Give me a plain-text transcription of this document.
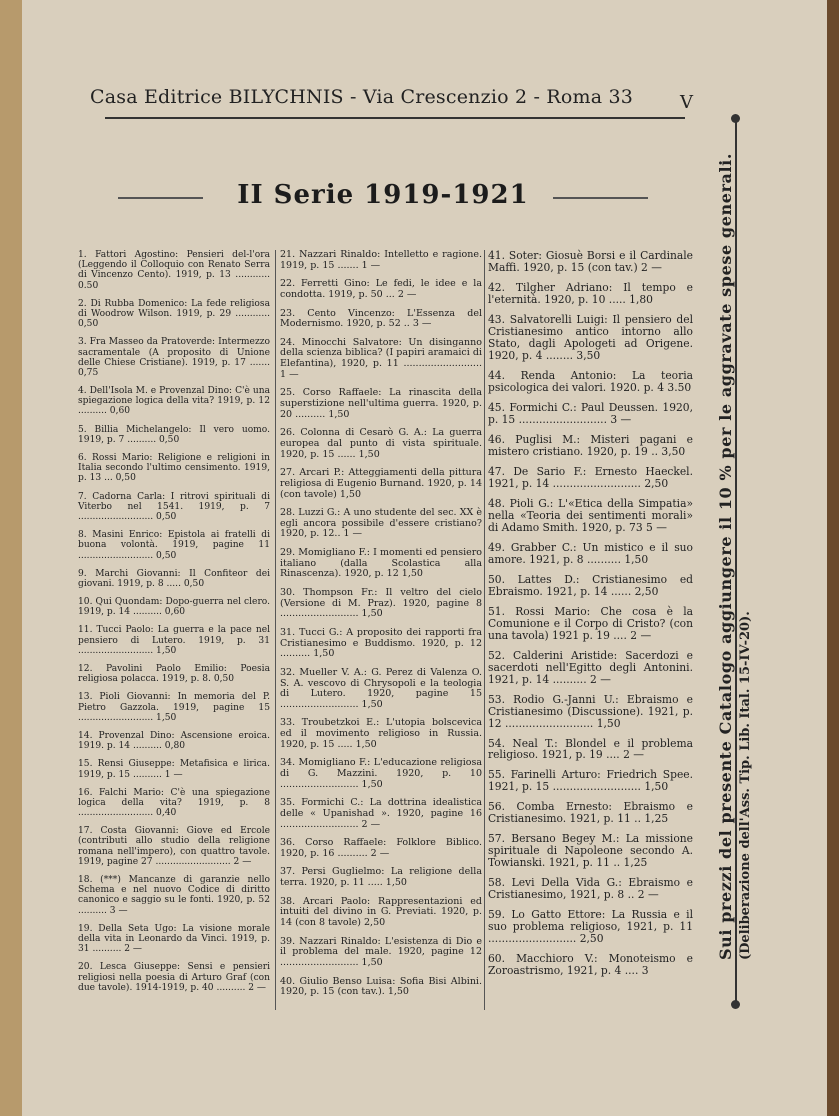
Casa Editrice BILYCHNIS - Via Crescenzio 2 - Roma 33	V
II Serie 1919-1921
1. Fattori Agostino: Pensieri del-l'ora (Leggendo il Colloquio con Renato Serra di Vincenzo Cento). 1919, p. 13 ............ 0.50
2. Di Rubba Domenico: La fede religiosa di Woodrow Wilson. 1919, p. 29 ............ 0,50
3. Fra Masseo da Pratoverde: Intermezzo sacramentale (A proposito di Unione delle Chiese Cristiane). 1919, p. 17 ....... 0,75
4. Dell'Isola M. e Provenzal Dino: C'è una spiegazione logica della vita? 1919, p. 12 .......... 0,60
5. Billia Michelangelo: Il vero uomo. 1919, p. 7 .......... 0,50
6. Rossi Mario: Religione e religioni in Italia secondo l'ultimo censimento. 1919, p. 13 ... 0,50
7. Cadorna Carla: I ritrovi spirituali di Viterbo nel 1541. 1919, p. 7 .......................... 0,50
8. Masini Enrico: Epistola ai fratelli di buona volontà. 1919, pagine 11 .......................... 0,50
9. Marchi Giovanni: Il Confiteor dei giovani. 1919, p. 8 ..... 0,50
10. Qui Quondam: Dopo-guerra nel clero. 1919, p. 14 .......... 0,60
11. Tucci Paolo: La guerra e la pace nel pensiero di Lutero. 1919, p. 31 .......................... 1,50
12. Pavolini Paolo Emilio: Poesia religiosa polacca. 1919, p. 8. 0,50
13. Pioli Giovanni: In memoria del P. Pietro Gazzola. 1919, pagine 15 .......................... 1,50
14. Provenzal Dino: Ascensione eroica. 1919. p. 14 .......... 0,80
15. Rensi Giuseppe: Metafisica e lirica. 1919, p. 15 .......... 1 —
16. Falchi Mario: C'è una spiegazione logica della vita? 1919, p. 8 .......................... 0,40
17. Costa Giovanni: Giove ed Ercole (contributi allo studio della religione romana nell'impero), con quattro tavole. 1919, pagine 27 .......................... 2 —
18. (***) Mancanze di garanzie nello Schema e nel nuovo Codice di diritto canonico e saggio su le fonti. 1920, p. 52 .......... 3 —
19. Della Seta Ugo: La visione morale della vita in Leonardo da Vinci. 1919, p. 31 .......... 2 —
20. Lesca Giuseppe: Sensi e pensieri religiosi nella poesia di Arturo Graf (con due tavole). 1914-1919, p. 40 .......... 2 —
21. Nazzari Rinaldo: Intelletto e ragione. 1919, p. 15 ....... 1 —
22. Ferretti Gino: Le fedi, le idee e la condotta. 1919, p. 50 ... 2 —
23. Cento Vincenzo: L'Essenza del Modernismo. 1920, p. 52 .. 3 —
24. Minocchi Salvatore: Un disinganno della scienza biblica? (I papiri aramaici di Elefantina), 1920, p. 11 .......................... 1 —
25. Corso Raffaele: La rinascita della superstizione nell'ultima guerra. 1920, p. 20 .......... 1,50
26. Colonna di Cesarò G. A.: La guerra europea dal punto di vista spirituale. 1920, p. 15 ...... 1,50
27. Arcari P.: Atteggiamenti della pittura religiosa di Eugenio Burnand. 1920, p. 14 (con tavole) 1,50
28. Luzzi G.: A uno studente del sec. XX è egli ancora possibile d'essere cristiano? 1920, p. 12.. 1 —
29. Momigliano F.: I momenti ed pensiero italiano (dalla Scolastica alla Rinascenza). 1920, p. 12 1,50
30. Thompson Fr.: Il veltro del cielo (Versione di M. Praz). 1920, pagine 8 .......................... 1,50
31. Tucci G.: A proposito dei rapporti fra Cristianesimo e Buddismo. 1920, p. 12 .......... 1,50
32. Mueller V. A.: G. Perez di Valenza O. S. A. vescovo di Chrysopoli e la teologia di Lutero. 1920, pagine 15 .......................... 1,50
33. Troubetzkoi E.: L'utopia bolscevica ed il movimento religioso in Russia. 1920, p. 15 ..... 1,50
34. Momigliano F.: L'educazione religiosa di G. Mazzini. 1920, p. 10 .......................... 1,50
35. Formichi C.: La dottrina idealistica delle « Upanishad ». 1920, pagine 16 .......................... 2 —
36. Corso Raffaele: Folklore Biblico. 1920, p. 16 .......... 2 —
37. Persi Guglielmo: La religione della terra. 1920, p. 11 ..... 1,50
38. Arcari Paolo: Rappresentazioni ed intuiti del divino in G. Previati. 1920, p. 14 (con 8 tavole) 2,50
39. Nazzari Rinaldo: L'esistenza di Dio e il problema del male. 1920, pagine 12 .......................... 1,50
40. Giulio Benso Luisa: Sofia Bisi Albini. 1920, p. 15 (con tav.). 1,50
41. Soter: Giosuè Borsi e il Cardinale Maffi. 1920, p. 15 (con tav.) 2 —
42. Tilgher Adriano: Il tempo e l'eternità. 1920, p. 10 ..... 1,80
43. Salvatorelli Luigi: Il pensiero del Cristianesimo antico intorno allo Stato, dagli Apologeti ad Origene. 1920, p. 4 ........ 3,50
44. Renda Antonio: La teoria psicologica dei valori. 1920. p. 4 3.50
45. Formichi C.: Paul Deussen. 1920, p. 15 .......................... 3 —
46. Puglisi M.: Misteri pagani e mistero cristiano. 1920, p. 19 .. 3,50
47. De Sario F.: Ernesto Haeckel. 1921, p. 14 .......................... 2,50
48. Pioli G.: L'«Etica della Simpatia» nella «Teoria dei sentimenti morali» di Adamo Smith. 1920, p. 73 5 —
49. Grabber C.: Un mistico e il suo amore. 1921, p. 8 .......... 1,50
50. Lattes D.: Cristianesimo ed Ebraismo. 1921, p. 14 ...... 2,50
51. Rossi Mario: Che cosa è la Comunione e il Corpo di Cristo? (con una tavola) 1921 p. 19 .... 2 —
52. Calderini Aristide: Sacerdozi e sacerdoti nell'Egitto degli Antonini. 1921, p. 14 .......... 2 —
53. Rodio G.-Janni U.: Ebraismo e Cristianesimo (Discussione). 1921, p. 12 .......................... 1,50
54. Neal T.: Blondel e il problema religioso. 1921, p. 19 .... 2 —
55. Farinelli Arturo: Friedrich Spee. 1921, p. 15 .......................... 1,50
56. Comba Ernesto: Ebraismo e Cristianesimo. 1921, p. 11 .. 1,25
57. Bersano Begey M.: La missione spirituale di Napoleone secondo A. Towianski. 1921, p. 11 .. 1,25
58. Levi Della Vida G.: Ebraismo e Cristianesimo, 1921, p. 8 .. 2 —
59. Lo Gatto Ettore: La Russia e il suo problema religioso, 1921, p. 11 .......................... 2,50
60. Macchioro V.: Monoteismo e Zoroastrismo, 1921, p. 4 .... 3
Sui prezzi del presente Catalogo aggiungere il 10 % per le aggravate spese generali. (Deliberazione dell'Ass. Tip. Lib. Ital. 15-IV-20).
